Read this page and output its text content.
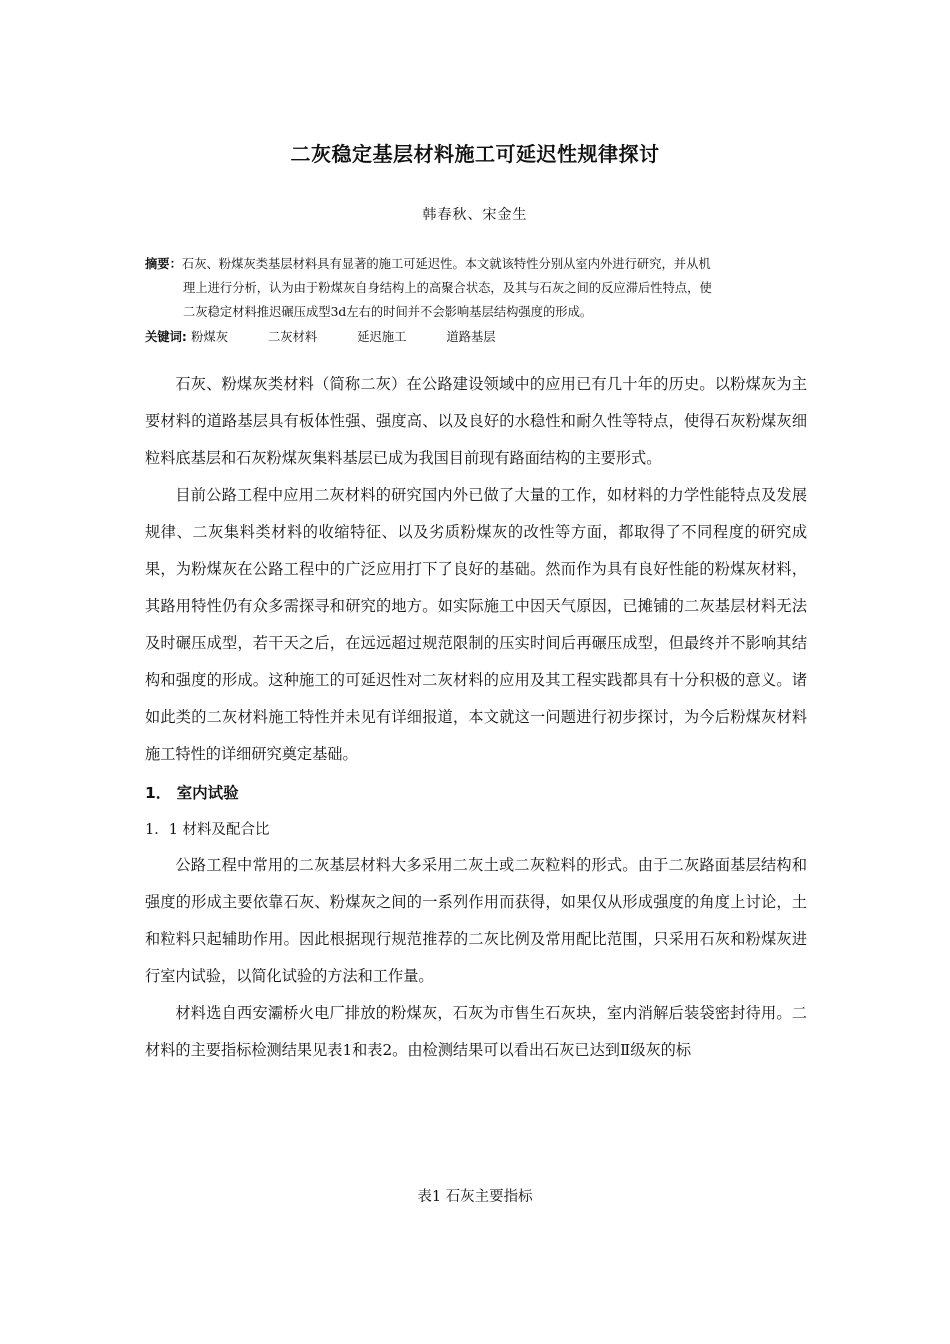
二灰稳定基层材料施工可延迟性规律探讨
韩春秋、宋金生
摘要：石灰、粉煤灰类基层材料具有显著的施工可延迟性。本文就该特性分别从室内外进行研究，并从机
理上进行分析，认为由于粉煤灰自身结构上的高聚合状态，及其与石灰之间的反应滞后性特点，使
二灰稳定材料推迟碾压成型3d左右的时间并不会影响基层结构强度的形成。
关键词: 粉煤灰	二灰材料	延迟施工	道路基层

石灰、粉煤灰类材料（简称二灰）在公路建设领域中的应用已有几十年的历史。以粉煤灰为主要材料的道路基层具有板体性强、强度高、以及良好的水稳性和耐久性等特点，使得石灰粉煤灰细粒料底基层和石灰粉煤灰集料基层已成为我国目前现有路面结构的主要形式。

目前公路工程中应用二灰材料的研究国内外已做了大量的工作，如材料的力学性能特点及发展规律、二灰集料类材料的收缩特征、以及劣质粉煤灰的改性等方面，都取得了不同程度的研究成果，为粉煤灰在公路工程中的广泛应用打下了良好的基础。然而作为具有良好性能的粉煤灰材料，其路用特性仍有众多需探寻和研究的地方。如实际施工中因天气原因，已摊铺的二灰基层材料无法及时碾压成型，若干天之后，在远远超过规范限制的压实时间后再碾压成型，但最终并不影响其结构和强度的形成。这种施工的可延迟性对二灰材料的应用及其工程实践都具有十分积极的意义。诸如此类的二灰材料施工特性并未见有详细报道，本文就这一问题进行初步探讨，为今后粉煤灰材料施工特性的详细研究奠定基础。

1． 室内试验
1．1 材料及配合比

公路工程中常用的二灰基层材料大多采用二灰土或二灰粒料的形式。由于二灰路面基层结构和强度的形成主要依靠石灰、粉煤灰之间的一系列作用而获得，如果仅从形成强度的角度上讨论，土和粒料只起辅助作用。因此根据现行规范推荐的二灰比例及常用配比范围，只采用石灰和粉煤灰进行室内试验，以简化试验的方法和工作量。

材料选自西安灞桥火电厂排放的粉煤灰，石灰为市售生石灰块，室内消解后装袋密封待用。二材料的主要指标检测结果见表1和表2。由检测结果可以看出石灰已达到Ⅱ级灰的标

表1 石灰主要指标
